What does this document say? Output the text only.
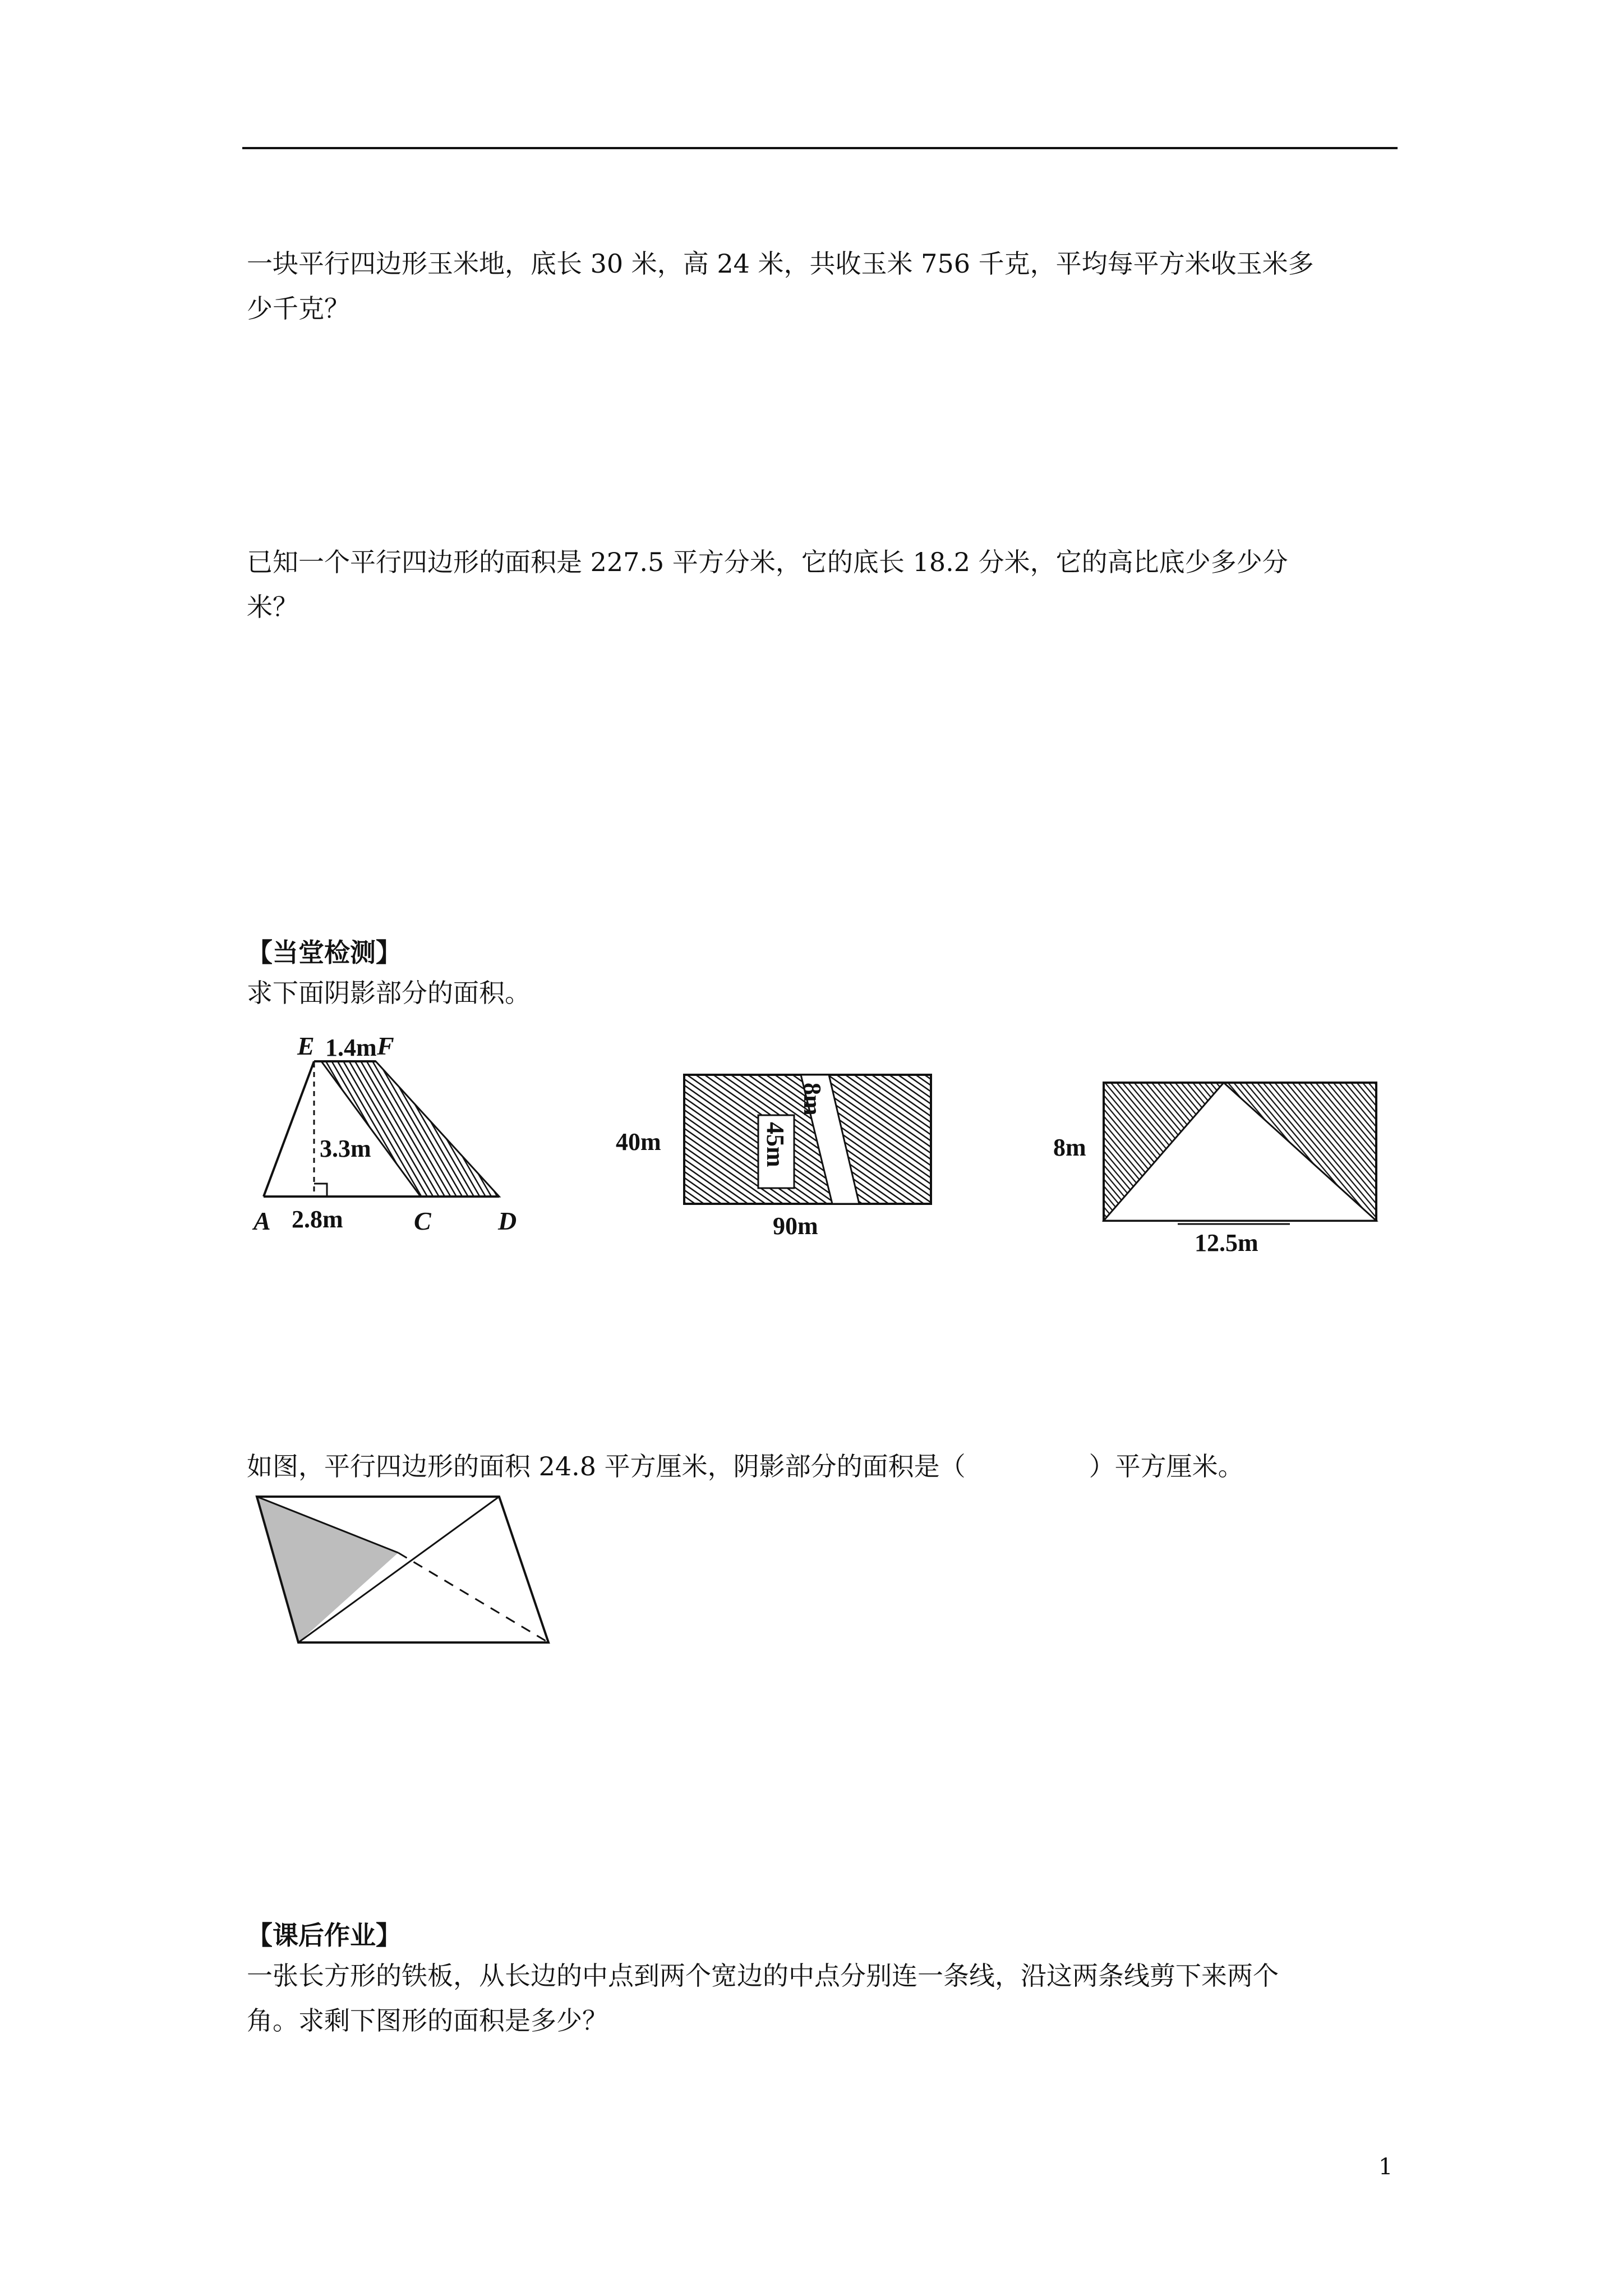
一块平行四边形玉米地，底长 30 米，高 24 米，共收玉米 756 千克，平均每平方米收玉米多
少千克？

已知一个平行四边形的面积是 227.5 平方分米，它的底长 18.2 分米，它的高比底少多少分
米？

【当堂检测】

求下面阴影部分的面积。

E 1.4m F
3.3m
A 2.8m	C	D
40m
90m
8m
45m	8m
12.5m

如图，平行四边形的面积 24.8 平方厘米，阴影部分的面积是（	）平方厘米。

【课后作业】

一张长方形的铁板，从长边的中点到两个宽边的中点分别连一条线，沿这两条线剪下来两个
角。求剩下图形的面积是多少？

1
